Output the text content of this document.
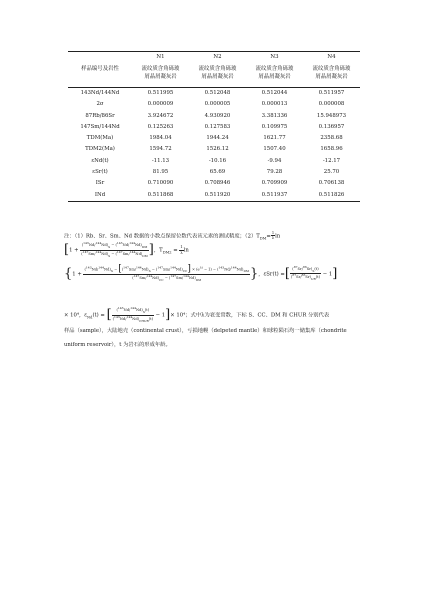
	N1	N2	N3	N4
样品编号及岩性	流纹质含角砾玻	流纹质含角砾玻	流纹质含角砾玻	流纹质含角砾玻
	屑晶屑凝灰岩	屑晶屑凝灰岩	屑晶屑凝灰岩	屑晶屑凝灰岩
143Nd/144Nd	0.511995	0.512048	0.512044	0.511957
2σ	0.000009	0.000005	0.000013	0.000008
87Rb/86Sr	3.924672	4.930920	3.381336	15.948973
147Sm/144Nd	0.125263	0.127583	0.109975	0.136957
TDM(Ma)	1984.04	1944.24	1621.77	2358.68
TDM2(Ma)	1594.72	1526.12	1507.40	1658.96
εNd(t)	-11.13	-10.16	-9.94	-12.17
εSr(t)	81.95	65.69	79.28	25.70
ISr	0.710090	0.708946	0.709909	0.706138
INd	0.511868	0.511920	0.511937	0.511826
注：（1）Rb、Sr、Sm、Nd 数据的小数点保留位数代表该元素的测试精度；$(2)T_{DM}= \frac{1}{\lambda}$ ln
[$1 + \frac{(^{143}Nd/^{144}Nd)_S - (^{143}Nd/^{144}Nd)_{DM}}{(^{147}Sm/^{144}Nd)_S - (^{147}Sm/^{144}Nd)_{DM}}$ ]，$T_{DM2} = \frac{1}{\lambda}$ ln
{1 +
$(^{143}Nd/^{144}Nd)_S - [(^{147}Sm/^{144}Nd)_S - (^{147}Sm/^{144}Nd)_{CC}] \times (e^{\lambda t} - 1) - (^{143}Nd/^{144}Nd)_{DM}$
$(^{147}Sm/^{144}Nd)_{CC} - (^{147}Sm/^{144}Nd)_{DM}$	}，εSr(t) =[ $\frac{(^{87}Sr/^{86}Sr)_S(t)}{(^{87}Sr/^{86}Sr)_{UR}(t)} - 1$]
× 10⁴，$\varepsilon_{Nd}(t)$ = [ $\frac{(^{143}Nd/^{144}Nd)_S(t)}{(^{143}Nd/^{144}Nd)_{CHUR}(t)} - 1]\times 10^4$；式中λ为衰变常数，下标 S、CC、DM 和 CHUR 分别代表
样品（sample），大陆地壳（continental crust），亏损地幔（delpeted mantle）和球粒陨石均一储集库（chondrite
uniform reservoir），t 为岩石的形成年龄。
